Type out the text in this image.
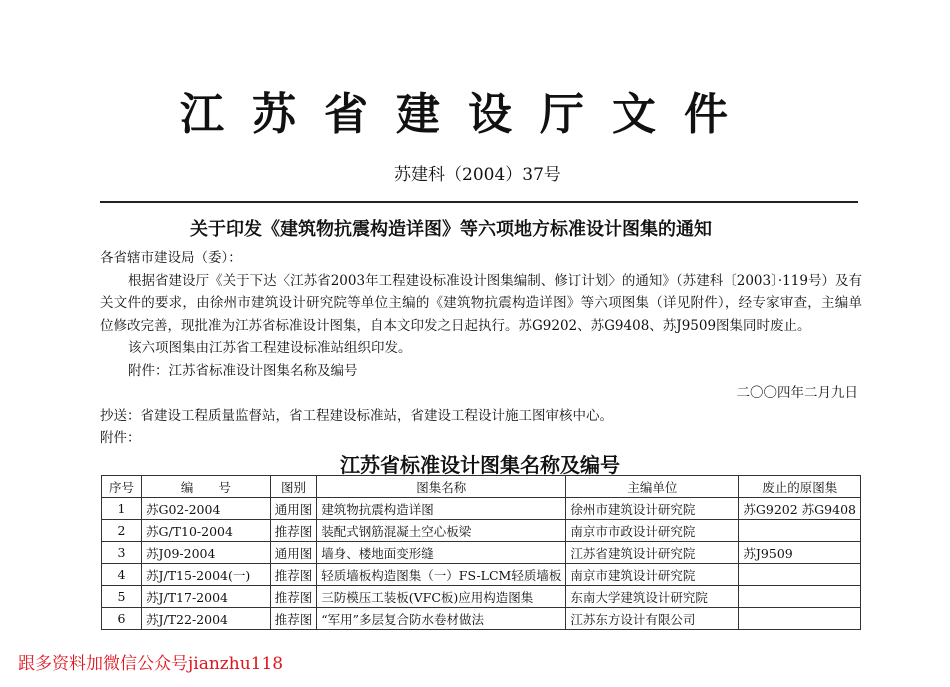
江苏省建设厅文件
苏建科（2004）37号
关于印发《建筑物抗震构造详图》等六项地方标准设计图集的通知

各省辖市建设局（委）：

根据省建设厅《关于下达〈江苏省2003年工程建设标准设计图集编制、修订计划〉的通知》（苏建科〔2003〕·119号）及有关文件的要求，由徐州市建筑设计研究院等单位主编的《建筑物抗震构造详图》等六项图集（详见附件），经专家审查，主编单位修改完善，现批准为江苏省标准设计图集，自本文印发之日起执行。苏G9202、苏G9408、苏J9509图集同时废止。

该六项图集由江苏省工程建设标准站组织印发。

附件：江苏省标准设计图集名称及编号

二〇〇四年二月九日

抄送：省建设工程质量监督站，省工程建设标准站，省建设工程设计施工图审核中心。

附件：

江苏省标准设计图集名称及编号
序号	编　　号	图别	图集名称	主编单位	废止的原图集
1	苏G02-2004	通用图	建筑物抗震构造详图	徐州市建筑设计研究院	苏G9202 苏G9408
2	苏G/T10-2004	推荐图	装配式钢筋混凝土空心板梁	南京市市政设计研究院	
3	苏J09-2004	通用图	墙身、楼地面变形缝	江苏省建筑设计研究院	苏J9509
4	苏J/T15-2004(一)	推荐图	轻质墙板构造图集（一）FS-LCM轻质墙板	南京市建筑设计研究院	
5	苏J/T17-2004	推荐图	三防模压工装板(VFC板)应用构造图集	东南大学建筑设计研究院	
6	苏J/T22-2004	推荐图	“军用”多层复合防水卷材做法	江苏东方设计有限公司	
跟多资料加微信公众号jianzhu118
